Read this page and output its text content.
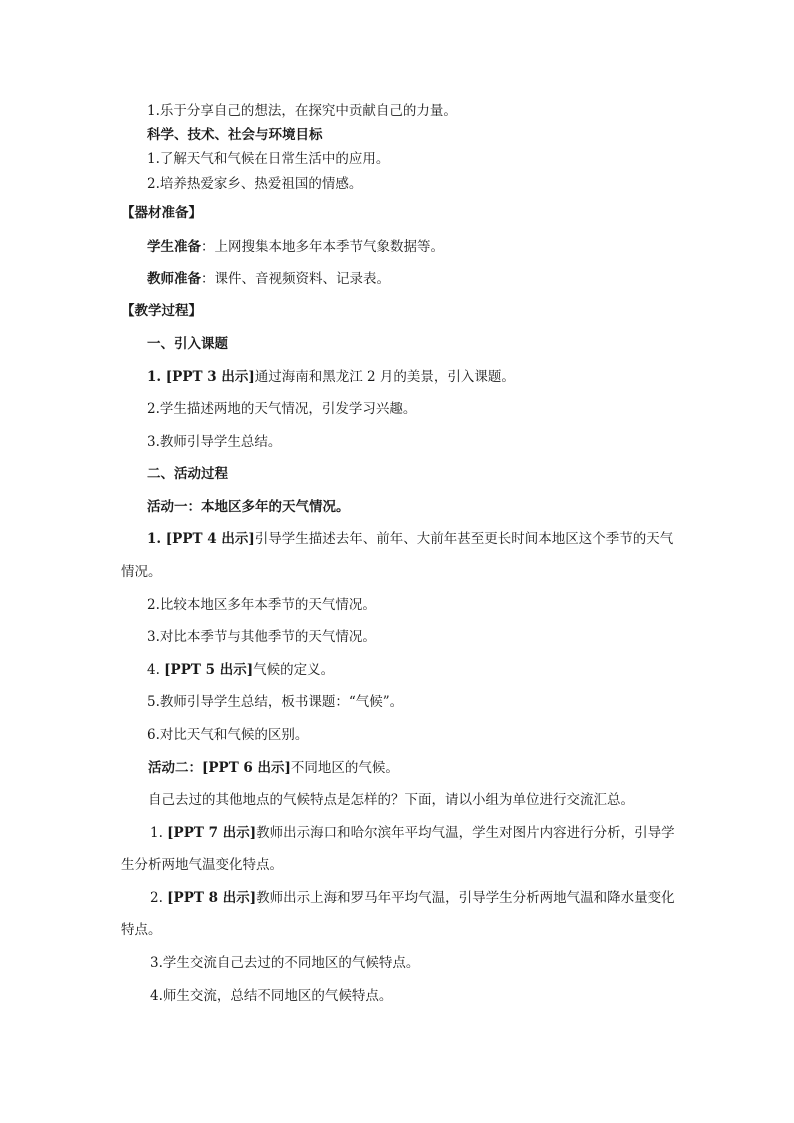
1.乐于分享自己的想法，在探究中贡献自己的力量。
科学、技术、社会与环境目标
1.了解天气和气候在日常生活中的应用。
2.培养热爱家乡、热爱祖国的情感。
【器材准备】
学生准备：上网搜集本地多年本季节气象数据等。
教师准备：课件、音视频资料、记录表。
【教学过程】
一、引入课题
1. [PPT 3 出示]通过海南和黑龙江 2 月的美景，引入课题。
2.学生描述两地的天气情况，引发学习兴趣。
3.教师引导学生总结。
二、活动过程
活动一：本地区多年的天气情况。
1. [PPT 4 出示]引导学生描述去年、前年、大前年甚至更长时间本地区这个季节的天气
情况。
2.比较本地区多年本季节的天气情况。
3.对比本季节与其他季节的天气情况。
4. [PPT 5 出示]气候的定义。
5.教师引导学生总结，板书课题：“气候”。
6.对比天气和气候的区别。
活动二：[PPT 6 出示]不同地区的气候。
自己去过的其他地点的气候特点是怎样的？下面，请以小组为单位进行交流汇总。
1. [PPT 7 出示]教师出示海口和哈尔滨年平均气温，学生对图片内容进行分析，引导学
生分析两地气温变化特点。
2. [PPT 8 出示]教师出示上海和罗马年平均气温，引导学生分析两地气温和降水量变化
特点。
3.学生交流自己去过的不同地区的气候特点。
4.师生交流，总结不同地区的气候特点。
